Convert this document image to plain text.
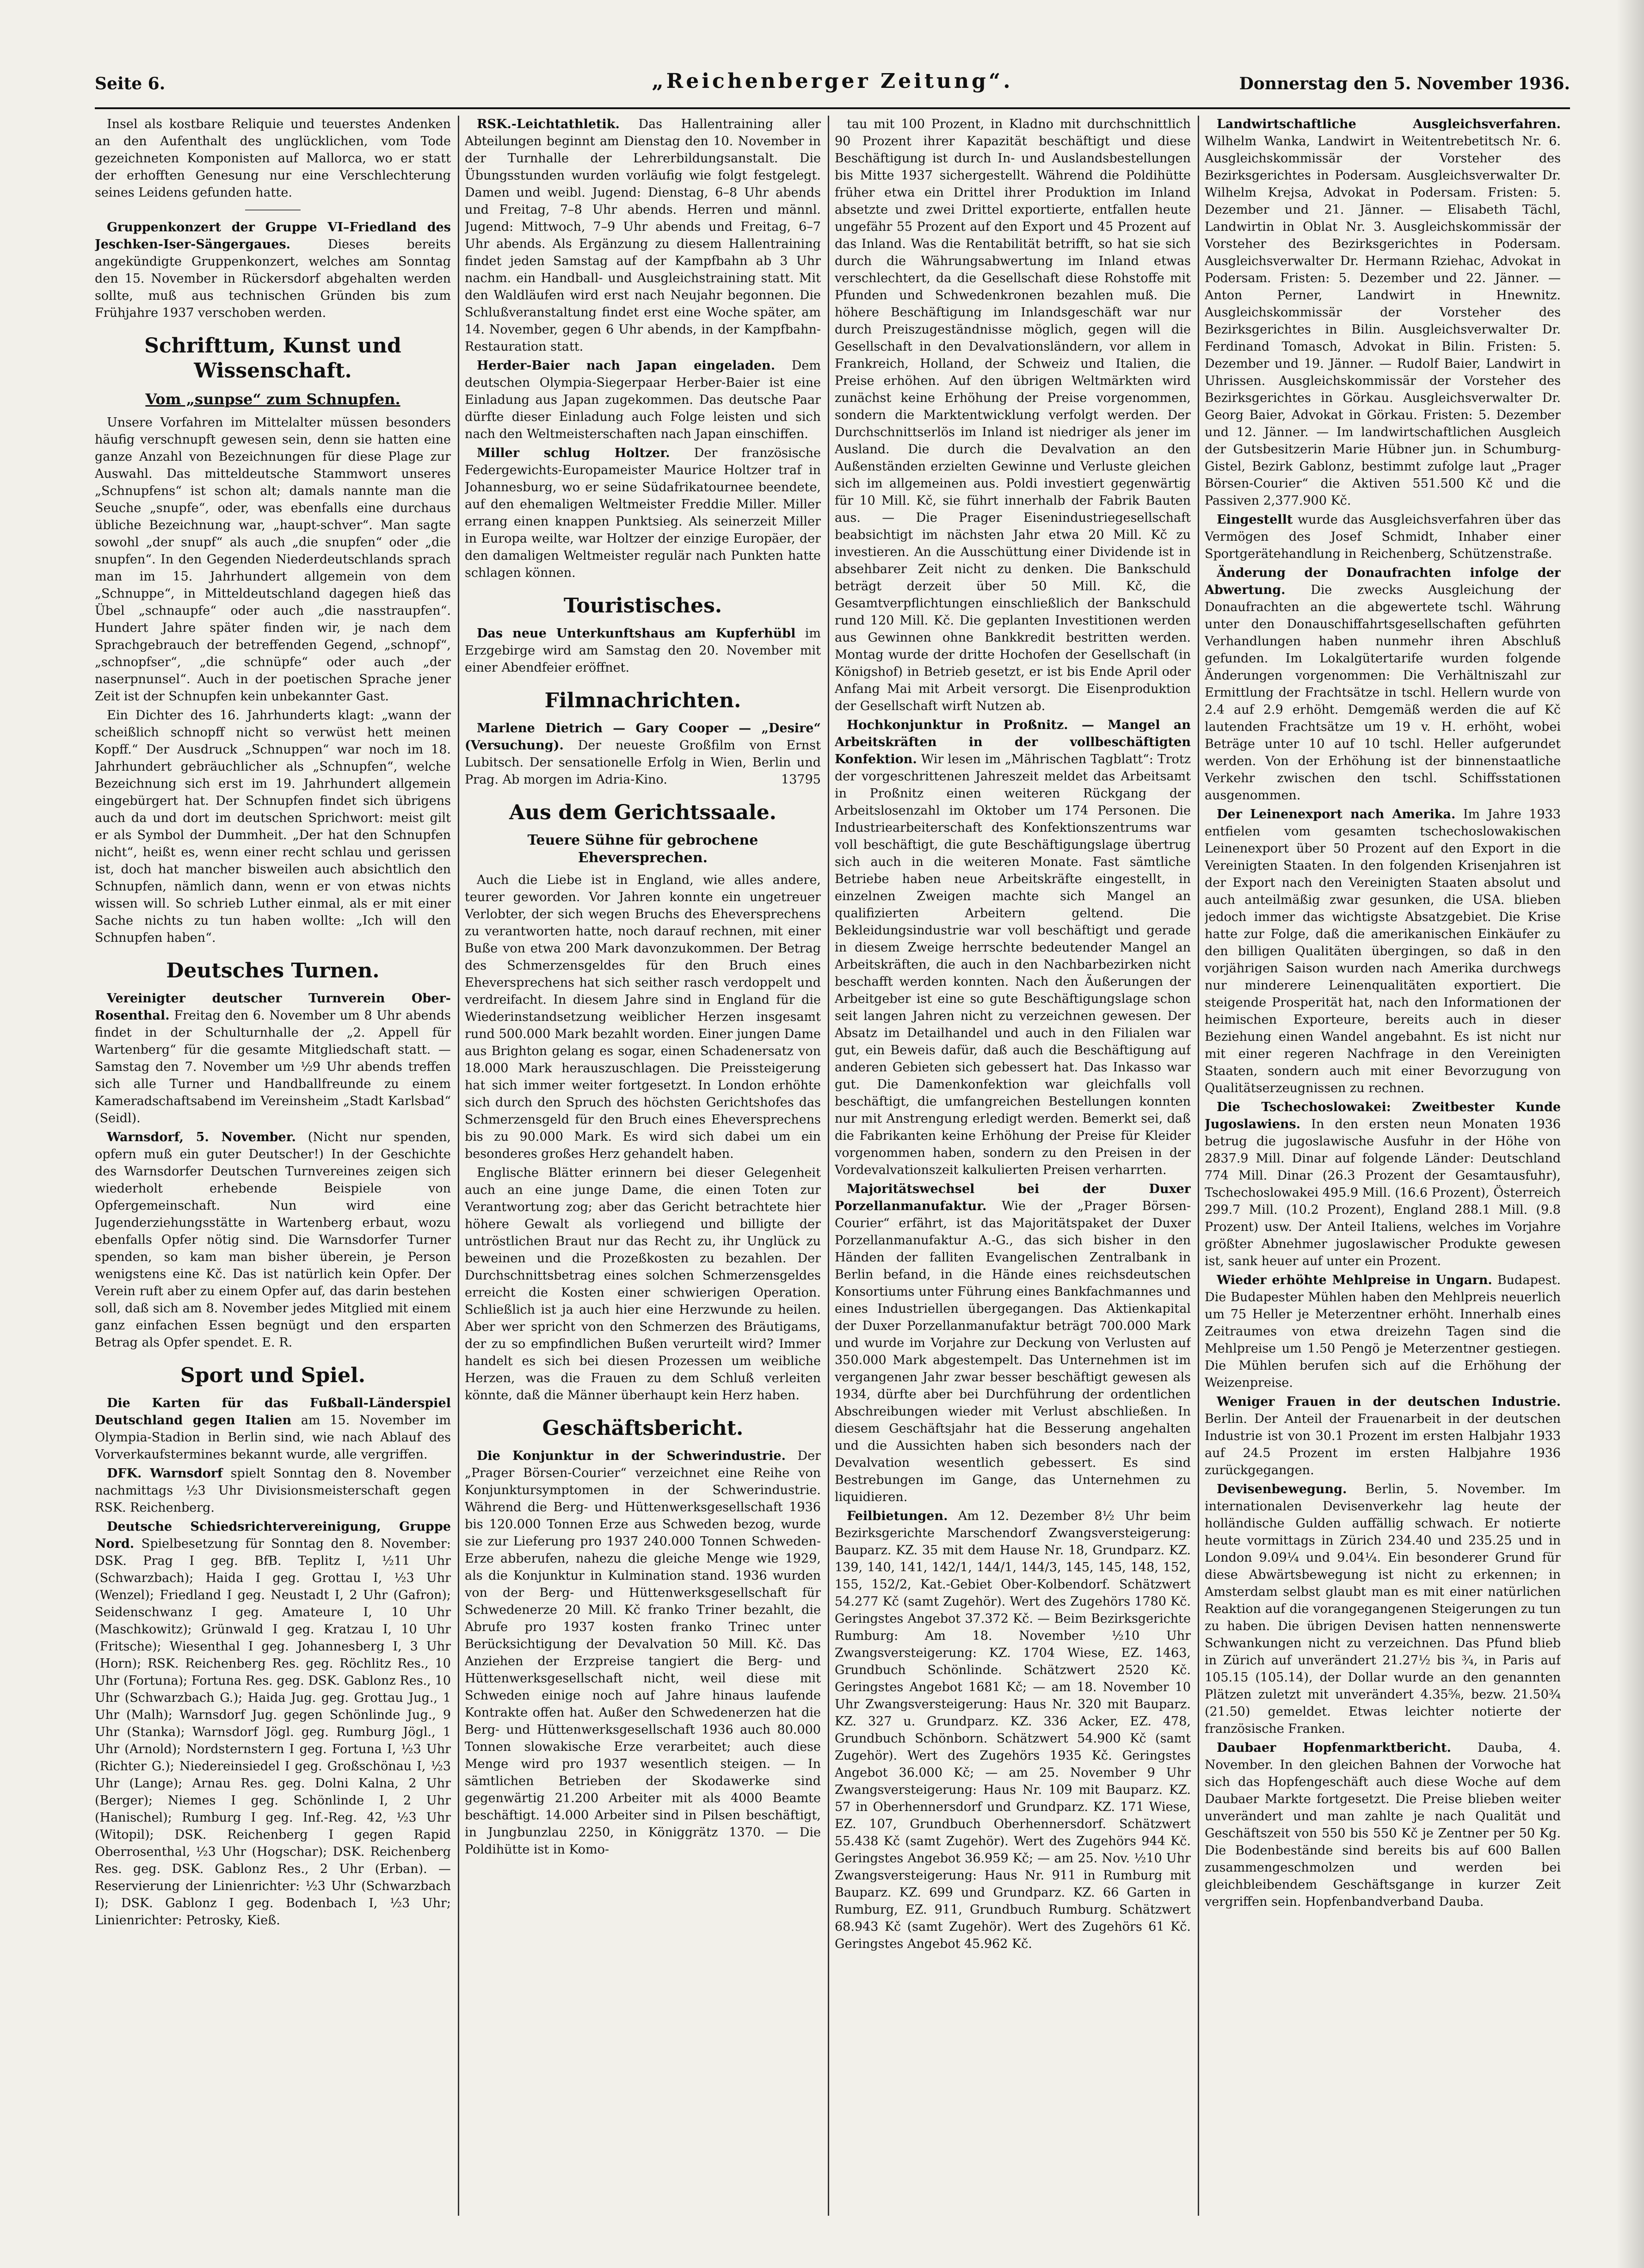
Seite 6.	„Reichenberger Zeitung“.	Donnerstag den 5. November 1936.

Insel als kostbare Reliquie und teuerstes Andenken an den Aufenthalt des unglücklichen, vom Tode gezeichneten Komponisten auf Mallorca, wo er statt der erhofften Genesung nur eine Verschlechterung seines Leidens gefunden hatte.

Gruppenkonzert der Gruppe VI–Friedland des Jeschken-Iser-Sängergaues.	Dieses bereits angekündigte Gruppenkonzert, welches am Sonntag den 15. November in Rückersdorf abgehalten werden sollte, muß aus technischen Gründen bis zum Frühjahre 1937 verschoben werden.

Schrifttum, Kunst und Wissenschaft.
Vom „sunpse“ zum Schnupfen.

Unsere Vorfahren im Mittelalter müssen besonders häufig verschnupft gewesen sein, denn sie hatten eine ganze Anzahl von Bezeichnungen für diese Plage zur Auswahl. Das mitteldeutsche Stammwort unseres „Schnupfens“ ist schon alt; damals nannte man die Seuche „snupfe“, oder, was ebenfalls eine durchaus übliche Bezeichnung war, „haupt-schver“. Man sagte sowohl „der snupf“ als auch „die snupfen“ oder „die snupfen“. In den Gegenden Niederdeutschlands sprach man im 15. Jahrhundert allgemein von dem „Schnuppe“, in Mitteldeutschland dagegen hieß das Übel „schnaupfe“ oder auch „die nasstraupfen“. Hundert Jahre später finden wir, je nach dem Sprachgebrauch der betreffenden Gegend, „schnopf“, „schnopfser“, „die schnüpfe“ oder auch „der naserpnunsel“. Auch in der poetischen Sprache jener Zeit ist der Schnupfen kein unbekannter Gast.

Ein Dichter des 16. Jahrhunderts klagt: „wann der scheißlich schnopff nicht so verwüst hett meinen Kopff.“ Der Ausdruck „Schnuppen“ war noch im 18. Jahrhundert gebräuchlicher als „Schnupfen“, welche Bezeichnung sich erst im 19. Jahrhundert allgemein eingebürgert hat. Der Schnupfen findet sich übrigens auch da und dort im deutschen Sprichwort: meist gilt er als Symbol der Dummheit. „Der hat den Schnupfen nicht“, heißt es, wenn einer recht schlau und gerissen ist, doch hat mancher bisweilen auch absichtlich den Schnupfen, nämlich dann, wenn er von etwas nichts wissen will. So schrieb Luther einmal, als er mit einer Sache nichts zu tun haben wollte: „Ich will den Schnupfen haben“.

Deutsches Turnen.

Vereinigter deutscher Turnverein Ober-Rosenthal. Freitag den 6. November um 8 Uhr abends findet in der Schulturnhalle der „2. Appell für Wartenberg“ für die gesamte Mitgliedschaft statt. — Samstag den 7. November um ½9 Uhr abends treffen sich alle Turner und Handballfreunde zu einem Kameradschaftsabend im Vereinsheim „Stadt Karlsbad“ (Seidl).

Warnsdorf, 5. November. (Nicht nur spenden, opfern muß ein guter Deutscher!) In der Geschichte des Warnsdorfer Deutschen Turnvereines zeigen sich wiederholt erhebende Beispiele von Opfergemeinschaft. Nun wird eine Jugenderziehungsstätte in Wartenberg erbaut, wozu ebenfalls Opfer nötig sind. Die Warnsdorfer Turner spenden, so kam man bisher überein, je Person wenigstens eine Kč. Das ist natürlich kein Opfer. Der Verein ruft aber zu einem Opfer auf, das darin bestehen soll, daß sich am 8. November jedes Mitglied mit einem ganz einfachen Essen begnügt und den ersparten Betrag als Opfer spendet. E. R.

Sport und Spiel.

Die Karten für das Fußball-Länderspiel Deutschland gegen Italien am 15. November im Olympia-Stadion in Berlin sind, wie nach Ablauf des Vorverkaufstermines bekannt wurde, alle vergriffen.

DFK. Warnsdorf spielt Sonntag den 8. November nachmittags ½3 Uhr Divisionsmeisterschaft gegen RSK. Reichenberg.

Deutsche Schiedsrichtervereinigung, Gruppe Nord. Spielbesetzung für Sonntag den 8. November: DSK. Prag I geg. BfB. Teplitz I, ½11 Uhr (Schwarzbach); Haida I geg. Grottau I, ½3 Uhr (Wenzel); Friedland I geg. Neustadt I, 2 Uhr (Gafron); Seidenschwanz I geg. Amateure I, 10 Uhr (Maschkowitz); Grünwald I geg. Kratzau I, 10 Uhr (Fritsche); Wiesenthal I geg. Johannesberg I, 3 Uhr (Horn); RSK. Reichenberg Res. geg. Röchlitz Res., 10 Uhr (Fortuna); Fortuna Res. geg. DSK. Gablonz Res., 10 Uhr (Schwarzbach G.); Haida Jug. geg. Grottau Jug., 1 Uhr (Malh); Warnsdorf Jug. gegen Schönlinde Jug., 9 Uhr (Stanka); Warnsdorf Jögl. geg. Rumburg Jögl., 1 Uhr (Arnold); Nordsternstern I geg. Fortuna I, ½3 Uhr (Richter G.); Niedereinsiedel I geg. Großschönau I, ½3 Uhr (Lange); Arnau Res. geg. Dolni Kalna, 2 Uhr (Berger); Niemes I geg. Schönlinde I, 2 Uhr (Hanischel); Rumburg I geg. Inf.-Reg. 42, ½3 Uhr (Witopil); DSK. Reichenberg I gegen Rapid Oberrosenthal, ½3 Uhr (Hogschar); DSK. Reichenberg Res. geg. DSK. Gablonz Res., 2 Uhr (Erban). — Reservierung der Linienrichter: ½3 Uhr (Schwarzbach I); DSK. Gablonz I geg. Bodenbach I, ½3 Uhr; Linienrichter: Petrosky, Kieß.

RSK.-Leichtathletik. Das Hallentraining aller Abteilungen beginnt am Dienstag den 10. November in der Turnhalle der Lehrerbildungsanstalt. Die Übungsstunden wurden vorläufig wie folgt festgelegt. Damen und weibl. Jugend: Dienstag, 6–8 Uhr abends und Freitag, 7–8 Uhr abends. Herren und männl. Jugend: Mittwoch, 7–9 Uhr abends und Freitag, 6–7 Uhr abends. Als Ergänzung zu diesem Hallentraining findet jeden Samstag auf der Kampfbahn ab 3 Uhr nachm. ein Handball- und Ausgleichstraining statt. Mit den Waldläufen wird erst nach Neujahr begonnen. Die Schlußveranstaltung findet erst eine Woche später, am 14. November, gegen 6 Uhr abends, in der Kampfbahn-Restauration statt.

Herder-Baier nach Japan eingeladen. Dem deutschen Olympia-Siegerpaar Herber-Baier ist eine Einladung aus Japan zugekommen. Das deutsche Paar dürfte dieser Einladung auch Folge leisten und sich nach den Weltmeisterschaften nach Japan einschiffen.

Miller schlug Holtzer. Der französische Federgewichts-Europameister Maurice Holtzer traf in Johannesburg, wo er seine Südafrikatournee beendete, auf den ehemaligen Weltmeister Freddie Miller. Miller errang einen knappen Punktsieg. Als seinerzeit Miller in Europa weilte, war Holtzer der einzige Europäer, der den damaligen Weltmeister regulär nach Punkten hatte schlagen können.

Touristisches.

Das neue Unterkunftshaus am Kupferhübl im Erzgebirge wird am Samstag den 20. November mit einer Abendfeier eröffnet.

Filmnachrichten.

Marlene Dietrich — Gary Cooper — „Desire“ (Versuchung). Der neueste Großfilm von Ernst Lubitsch. Der sensationelle Erfolg in Wien, Berlin und Prag. Ab morgen im Adria-Kino.	13795

Aus dem Gerichtssaale.
Teuere Sühne für gebrochene Eheversprechen.

Auch die Liebe ist in England, wie alles andere, teurer geworden. Vor Jahren konnte ein ungetreuer Verlobter, der sich wegen Bruchs des Eheversprechens zu verantworten hatte, noch darauf rechnen, mit einer Buße von etwa 200 Mark davonzukommen. Der Betrag des Schmerzensgeldes für den Bruch eines Eheversprechens hat sich seither rasch verdoppelt und verdreifacht. In diesem Jahre sind in England für die Wiederinstandsetzung weiblicher Herzen insgesamt rund 500.000 Mark bezahlt worden. Einer jungen Dame aus Brighton gelang es sogar, einen Schadenersatz von 18.000 Mark herauszuschlagen. Die Preissteigerung hat sich immer weiter fortgesetzt. In London erhöhte sich durch den Spruch des höchsten Gerichtshofes das Schmerzensgeld für den Bruch eines Eheversprechens bis zu 90.000 Mark. Es wird sich dabei um ein besonderes großes Herz gehandelt haben.

Englische Blätter erinnern bei dieser Gelegenheit auch an eine junge Dame, die einen Toten zur Verantwortung zog; aber das Gericht betrachtete hier höhere Gewalt als vorliegend und billigte der untröstlichen Braut nur das Recht zu, ihr Unglück zu beweinen und die Prozeßkosten zu bezahlen. Der Durchschnittsbetrag eines solchen Schmerzensgeldes erreicht die Kosten einer schwierigen Operation. Schließlich ist ja auch hier eine Herzwunde zu heilen. Aber wer spricht von den Schmerzen des Bräutigams, der zu so empfindlichen Bußen verurteilt wird? Immer handelt es sich bei diesen Prozessen um weibliche Herzen, was die Frauen zu dem Schluß verleiten könnte, daß die Männer überhaupt kein Herz haben.

Geschäftsbericht.

Die Konjunktur in der Schwerindustrie. Der „Prager Börsen-Courier“ verzeichnet eine Reihe von Konjunktursymptomen in der Schwerindustrie. Während die Berg- und Hüttenwerksgesellschaft 1936 bis 120.000 Tonnen Erze aus Schweden bezog, wurde sie zur Lieferung pro 1937 240.000 Tonnen Schweden-Erze abberufen, nahezu die gleiche Menge wie 1929, als die Konjunktur in Kulmination stand. 1936 wurden von der Berg- und Hüttenwerksgesellschaft für Schwedenerze 20 Mill. Kč franko Triner bezahlt, die Abrufe pro 1937 kosten franko Trinec unter Berücksichtigung der Devalvation 50 Mill. Kč. Das Anziehen der Erzpreise tangiert die Berg- und Hüttenwerksgesellschaft nicht, weil diese mit Schweden einige noch auf Jahre hinaus laufende Kontrakte offen hat. Außer den Schwedenerzen hat die Berg- und Hüttenwerksgesellschaft 1936 auch 80.000 Tonnen slowakische Erze verarbeitet; auch diese Menge wird pro 1937 wesentlich steigen. — In sämtlichen Betrieben der Skodawerke sind gegenwärtig 21.200 Arbeiter mit als 4000 Beamte beschäftigt. 14.000 Arbeiter sind in Pilsen beschäftigt, in Jungbunzlau 2250, in Königgrätz 1370. — Die Poldihütte ist in Komo-

tau mit 100 Prozent, in Kladno mit durchschnittlich 90 Prozent ihrer Kapazität beschäftigt und diese Beschäftigung ist durch In- und Auslandsbestellungen bis Mitte 1937 sichergestellt. Während die Poldihütte früher etwa ein Drittel ihrer Produktion im Inland absetzte und zwei Drittel exportierte, entfallen heute ungefähr 55 Prozent auf den Export und 45 Prozent auf das Inland. Was die Rentabilität betrifft, so hat sie sich durch die Währungsabwertung im Inland etwas verschlechtert, da die Gesellschaft diese Rohstoffe mit Pfunden und Schwedenkronen bezahlen muß. Die höhere Beschäftigung im Inlandsgeschäft war nur durch Preiszugeständnisse möglich, gegen will die Gesellschaft in den Devalvationsländern, vor allem in Frankreich, Holland, der Schweiz und Italien, die Preise erhöhen. Auf den übrigen Weltmärkten wird zunächst keine Erhöhung der Preise vorgenommen, sondern die Marktentwicklung verfolgt werden. Der Durchschnittserlös im Inland ist niedriger als jener im Ausland. Die durch die Devalvation an den Außenständen erzielten Gewinne und Verluste gleichen sich im allgemeinen aus. Poldi investiert gegenwärtig für 10 Mill. Kč, sie führt innerhalb der Fabrik Bauten aus. — Die Prager Eisenindustriegesellschaft beabsichtigt im nächsten Jahr etwa 20 Mill. Kč zu investieren. An die Ausschüttung einer Dividende ist in absehbarer Zeit nicht zu denken. Die Bankschuld beträgt derzeit über 50 Mill. Kč, die Gesamtverpflichtungen einschließlich der Bankschuld rund 120 Mill. Kč. Die geplanten Investitionen werden aus Gewinnen ohne Bankkredit bestritten werden. Montag wurde der dritte Hochofen der Gesellschaft (in Königshof) in Betrieb gesetzt, er ist bis Ende April oder Anfang Mai mit Arbeit versorgt. Die Eisenproduktion der Gesellschaft wirft Nutzen ab.

Hochkonjunktur in Proßnitz. — Mangel an Arbeitskräften in der vollbeschäftigten Konfektion. Wir lesen im „Mährischen Tagblatt“: Trotz der vorgeschrittenen Jahreszeit meldet das Arbeitsamt in Proßnitz einen weiteren Rückgang der Arbeitslosenzahl im Oktober um 174 Personen. Die Industriearbeiterschaft des Konfektionszentrums war voll beschäftigt, die gute Beschäftigungslage übertrug sich auch in die weiteren Monate. Fast sämtliche Betriebe haben neue Arbeitskräfte eingestellt, in einzelnen Zweigen machte sich Mangel an qualifizierten Arbeitern geltend. Die Bekleidungsindustrie war voll beschäftigt und gerade in diesem Zweige herrschte bedeutender Mangel an Arbeitskräften, die auch in den Nachbarbezirken nicht beschafft werden konnten. Nach den Äußerungen der Arbeitgeber ist eine so gute Beschäftigungslage schon seit langen Jahren nicht zu verzeichnen gewesen. Der Absatz im Detailhandel und auch in den Filialen war gut, ein Beweis dafür, daß auch die Beschäftigung auf anderen Gebieten sich gebessert hat. Das Inkasso war gut. Die Damenkonfektion war gleichfalls voll beschäftigt, die umfangreichen Bestellungen konnten nur mit Anstrengung erledigt werden. Bemerkt sei, daß die Fabrikanten keine Erhöhung der Preise für Kleider vorgenommen haben, sondern zu den Preisen in der Vordevalvationszeit kalkulierten Preisen verharrten.

Majoritätswechsel bei der Duxer Porzellanmanufaktur. Wie der „Prager Börsen-Courier“ erfährt, ist das Majoritätspaket der Duxer Porzellanmanufaktur A.-G., das sich bisher in den Händen der falliten Evangelischen Zentralbank in Berlin befand, in die Hände eines reichsdeutschen Konsortiums unter Führung eines Bankfachmannes und eines Industriellen übergegangen. Das Aktienkapital der Duxer Porzellanmanufaktur beträgt 700.000 Mark und wurde im Vorjahre zur Deckung von Verlusten auf 350.000 Mark abgestempelt. Das Unternehmen ist im vergangenen Jahr zwar besser beschäftigt gewesen als 1934, dürfte aber bei Durchführung der ordentlichen Abschreibungen wieder mit Verlust abschließen. In diesem Geschäftsjahr hat die Besserung angehalten und die Aussichten haben sich besonders nach der Devalvation wesentlich gebessert. Es sind Bestrebungen im Gange, das Unternehmen zu liquidieren.

Feilbietungen. Am 12. Dezember 8½ Uhr beim Bezirksgerichte Marschendorf Zwangsversteigerung: Bauparz. KZ. 35 mit dem Hause Nr. 18, Grundparz. KZ. 139, 140, 141, 142/1, 144/1, 144/3, 145, 145, 148, 152, 155, 152/2, Kat.-Gebiet Ober-Kolbendorf. Schätzwert 54.277 Kč (samt Zugehör). Wert des Zugehörs 1780 Kč. Geringstes Angebot 37.372 Kč. — Beim Bezirksgerichte Rumburg: Am 18. November ½10 Uhr Zwangsversteigerung: KZ. 1704 Wiese, EZ. 1463, Grundbuch Schönlinde. Schätzwert 2520 Kč. Geringstes Angebot 1681 Kč; — am 18. November 10 Uhr Zwangsversteigerung: Haus Nr. 320 mit Bauparz. KZ. 327 u. Grundparz. KZ. 336 Acker, EZ. 478, Grundbuch Schönborn. Schätzwert 54.900 Kč (samt Zugehör). Wert des Zugehörs 1935 Kč. Geringstes Angebot 36.000 Kč; — am 25. November 9 Uhr Zwangsversteigerung: Haus Nr. 109 mit Bauparz. KZ. 57 in Oberhennersdorf und Grundparz. KZ. 171 Wiese, EZ. 107, Grundbuch Oberhennersdorf. Schätzwert 55.438 Kč (samt Zugehör). Wert des Zugehörs 944 Kč. Geringstes Angebot 36.959 Kč; — am 25. Nov. ½10 Uhr Zwangsversteigerung: Haus Nr. 911 in Rumburg mit Bauparz. KZ. 699 und Grundparz. KZ. 66 Garten in Rumburg, EZ. 911, Grundbuch Rumburg. Schätzwert 68.943 Kč (samt Zugehör). Wert des Zugehörs 61 Kč. Geringstes Angebot 45.962 Kč.

Landwirtschaftliche Ausgleichsverfahren. Wilhelm Wanka, Landwirt in Weitentrebetitsch Nr. 6. Ausgleichskommissär der Vorsteher des Bezirksgerichtes in Podersam. Ausgleichsverwalter Dr. Wilhelm Krejsa, Advokat in Podersam. Fristen: 5. Dezember und 21. Jänner. — Elisabeth Tächl, Landwirtin in Oblat Nr. 3. Ausgleichskommissär der Vorsteher des Bezirksgerichtes in Podersam. Ausgleichsverwalter Dr. Hermann Rziehac, Advokat in Podersam. Fristen: 5. Dezember und 22. Jänner. — Anton Perner, Landwirt in Hnewnitz. Ausgleichskommissär der Vorsteher des Bezirksgerichtes in Bilin. Ausgleichsverwalter Dr. Ferdinand Tomasch, Advokat in Bilin. Fristen: 5. Dezember und 19. Jänner. — Rudolf Baier, Landwirt in Uhrissen. Ausgleichskommissär der Vorsteher des Bezirksgerichtes in Görkau. Ausgleichsverwalter Dr. Georg Baier, Advokat in Görkau. Fristen: 5. Dezember und 12. Jänner. — Im landwirtschaftlichen Ausgleich der Gutsbesitzerin Marie Hübner jun. in Schumburg-Gistel, Bezirk Gablonz, bestimmt zufolge laut „Prager Börsen-Courier“ die Aktiven 551.500 Kč und die Passiven 2,377.900 Kč.

Eingestellt wurde das Ausgleichsverfahren über das Vermögen des Josef Schmidt, Inhaber einer Sportgerätehandlung in Reichenberg, Schützenstraße.

Änderung der Donaufrachten infolge der Abwertung. Die zwecks Ausgleichung der Donaufrachten an die abgewertete tschl. Währung unter den Donauschiffahrtsgesellschaften geführten Verhandlungen haben nunmehr ihren Abschluß gefunden. Im Lokalgütertarife wurden folgende Änderungen vorgenommen: Die Verhältniszahl zur Ermittlung der Frachtsätze in tschl. Hellern wurde von 2.4 auf 2.9 erhöht. Demgemäß werden die auf Kč lautenden Frachtsätze um 19 v. H. erhöht, wobei Beträge unter 10 auf 10 tschl. Heller aufgerundet werden. Von der Erhöhung ist der binnenstaatliche Verkehr zwischen den tschl. Schiffsstationen ausgenommen.

Der Leinenexport nach Amerika. Im Jahre 1933 entfielen vom gesamten tschechoslowakischen Leinenexport über 50 Prozent auf den Export in die Vereinigten Staaten. In den folgenden Krisenjahren ist der Export nach den Vereinigten Staaten absolut und auch anteilmäßig zwar gesunken, die USA. blieben jedoch immer das wichtigste Absatzgebiet. Die Krise hatte zur Folge, daß die amerikanischen Einkäufer zu den billigen Qualitäten übergingen, so daß in den vorjährigen Saison wurden nach Amerika durchwegs nur minderere Leinenqualitäten exportiert. Die steigende Prosperität hat, nach den Informationen der heimischen Exporteure, bereits auch in dieser Beziehung einen Wandel angebahnt. Es ist nicht nur mit einer regeren Nachfrage in den Vereinigten Staaten, sondern auch mit einer Bevorzugung von Qualitätserzeugnissen zu rechnen.

Die Tschechoslowakei: Zweitbester Kunde Jugoslawiens. In den ersten neun Monaten 1936 betrug die jugoslawische Ausfuhr in der Höhe von 2837.9 Mill. Dinar auf folgende Länder: Deutschland 774 Mill. Dinar (26.3 Prozent der Gesamtausfuhr), Tschechoslowakei 495.9 Mill. (16.6 Prozent), Österreich 299.7 Mill. (10.2 Prozent), England 288.1 Mill. (9.8 Prozent) usw. Der Anteil Italiens, welches im Vorjahre größter Abnehmer jugoslawischer Produkte gewesen ist, sank heuer auf unter ein Prozent.

Wieder erhöhte Mehlpreise in Ungarn. Budapest. Die Budapester Mühlen haben den Mehlpreis neuerlich um 75 Heller je Meterzentner erhöht. Innerhalb eines Zeitraumes von etwa dreizehn Tagen sind die Mehlpreise um 1.50 Pengö je Meterzentner gestiegen. Die Mühlen berufen sich auf die Erhöhung der Weizenpreise.

Weniger Frauen in der deutschen Industrie. Berlin. Der Anteil der Frauenarbeit in der deutschen Industrie ist von 30.1 Prozent im ersten Halbjahr 1933 auf 24.5 Prozent im ersten Halbjahre 1936 zurückgegangen.

Devisenbewegung. Berlin, 5. November. Im internationalen Devisenverkehr lag heute der holländische Gulden auffällig schwach. Er notierte heute vormittags in Zürich 234.40 und 235.25 und in London 9.09¼ und 9.04¼. Ein besonderer Grund für diese Abwärtsbewegung ist nicht zu erkennen; in Amsterdam selbst glaubt man es mit einer natürlichen Reaktion auf die vorangegangenen Steigerungen zu tun zu haben. Die übrigen Devisen hatten nennenswerte Schwankungen nicht zu verzeichnen. Das Pfund blieb in Zürich auf unverändert 21.27½ bis ¾, in Paris auf 105.15 (105.14), der Dollar wurde an den genannten Plätzen zuletzt mit unverändert 4.35⁵⁄₈, bezw. 21.50¾ (21.50) gemeldet. Etwas leichter notierte der französische Franken.

Daubaer Hopfenmarktbericht. Dauba, 4. November. In den gleichen Bahnen der Vorwoche hat sich das Hopfengeschäft auch diese Woche auf dem Daubaer Markte fortgesetzt. Die Preise blieben weiter unverändert und man zahlte je nach Qualität und Geschäftszeit von 550 bis 550 Kč je Zentner per 50 Kg. Die Bodenbestände sind bereits bis auf 600 Ballen zusammengeschmolzen und werden bei gleichbleibendem Geschäftsgange in kurzer Zeit vergriffen sein. Hopfenbandverband Dauba.
